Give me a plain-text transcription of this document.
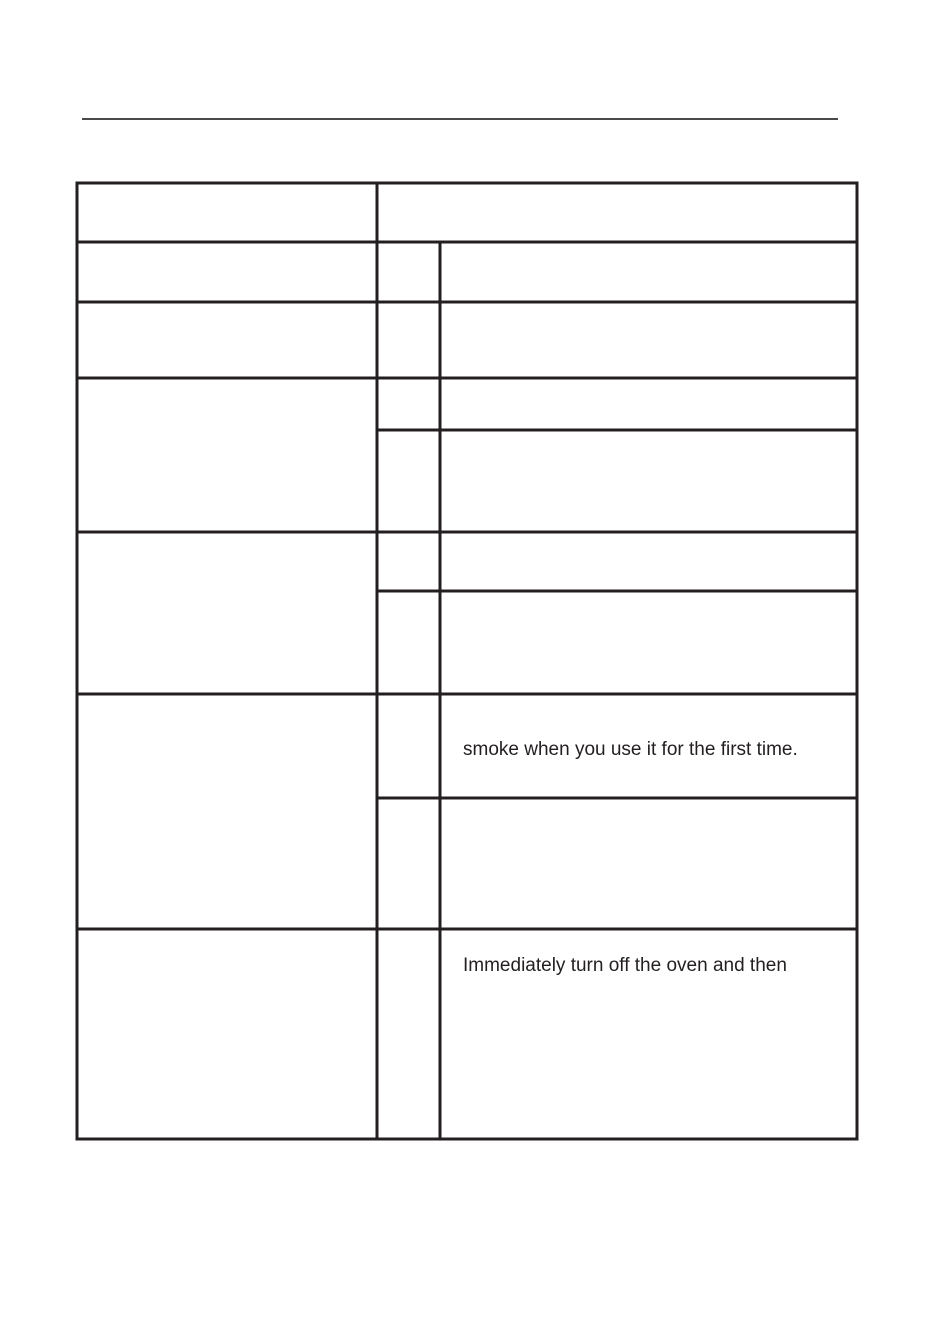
smoke when you use it for the first time.
Immediately turn off the oven and then
